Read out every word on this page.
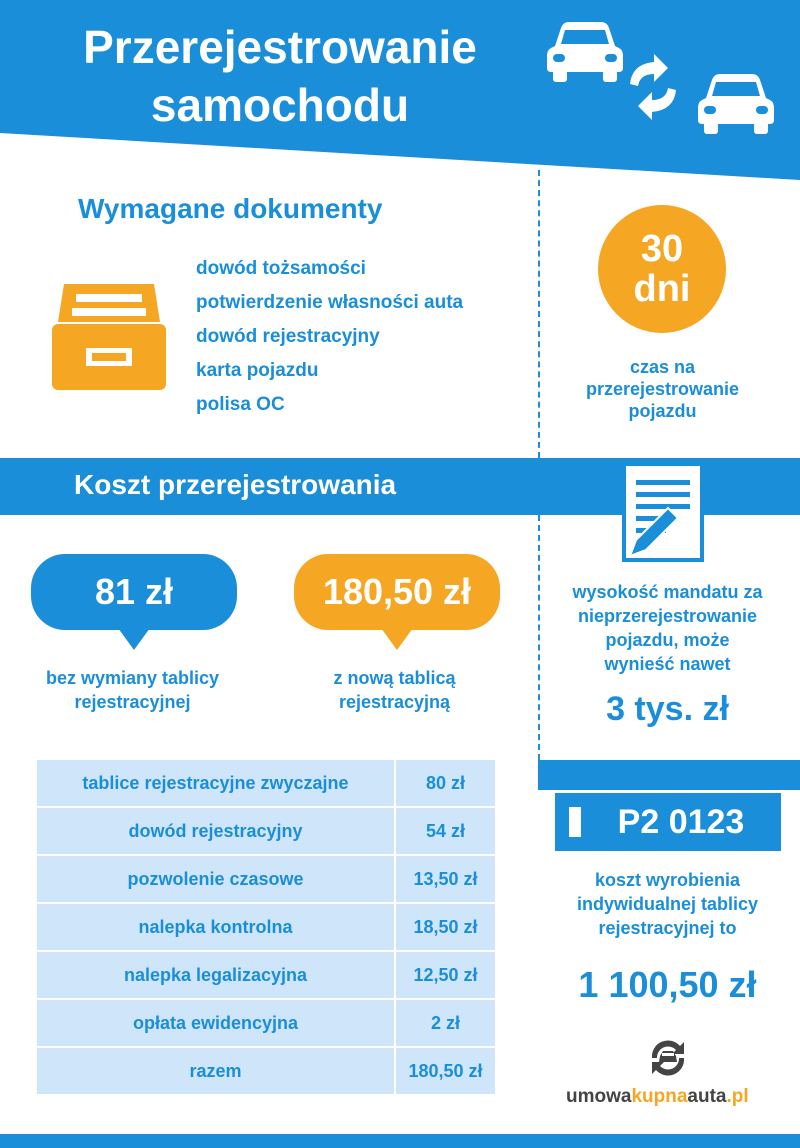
Przerejestrowanie
samochodu
Wymagane dokumenty
dowód tożsamości
potwierdzenie własności auta
dowód rejestracyjny
karta pojazdu
polisa OC
30
dni
czas na
przerejestrowanie
pojazdu
Koszt przerejestrowania
81 zł	180,50 zł
bez wymiany tablicy
rejestracyjnej
z nową tablicą
rejestracyjną
wysokość mandatu za
nieprzerejestrowanie
pojazdu, może
wynieść nawet
3 tys. zł
tablice rejestracyjne zwyczajne	80 zł
dowód rejestracyjny	54 zł
pozwolenie czasowe	13,50 zł
nalepka kontrolna	18,50 zł
nalepka legalizacyjna	12,50 zł
opłata ewidencyjna	2 zł
razem	180,50 zł
P2 0123
koszt wyrobienia
indywidualnej tablicy
rejestracyjnej to
1 100,50 zł
umowakupnaauta.pl
